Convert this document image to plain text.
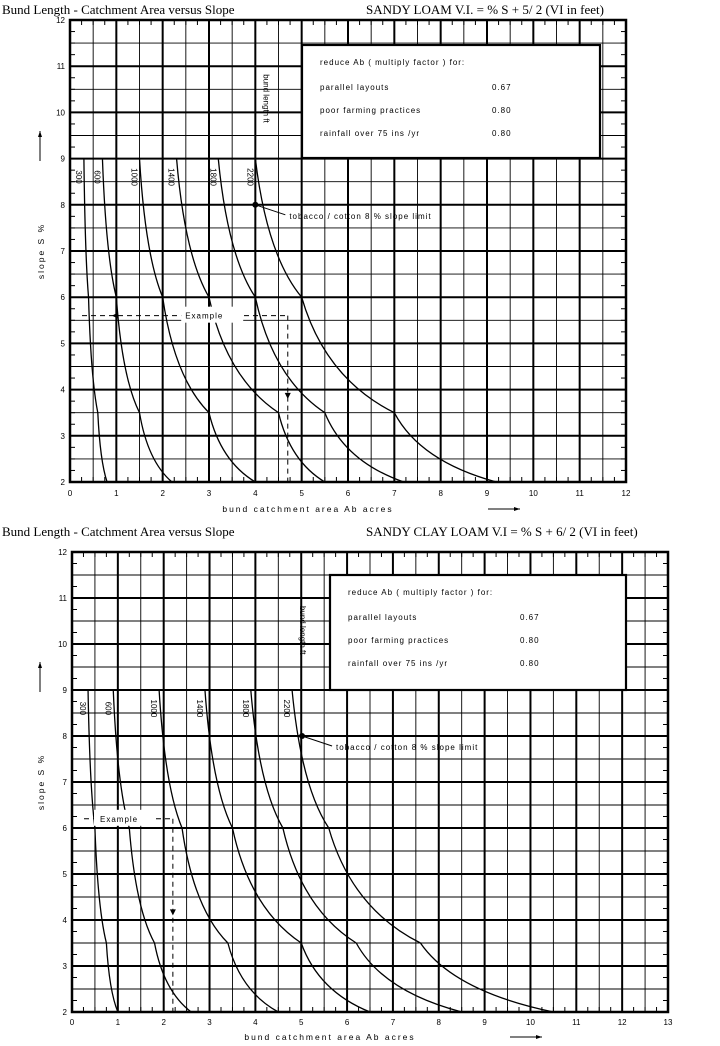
Bund Length - Catchment Area versus Slope	SANDY LOAM V.I. = % S + 5/ 2 (VI in feet)
0	1	2	3	4	5	6	7	8	9	10	11	12
2
3
4
5
6
7
8
9
10
11
12
bund catchment area Ab acres
slope S %
300 600	1000	1400	1800	2200
bund length ft
tobacco / cotton 8 % slope limit
Example
reduce Ab ( multiply factor ) for:
parallel layouts	0.67
poor farming practices	0.80
rainfall over 75 ins /yr	0.80
Bund Length - Catchment Area versus Slope	SANDY CLAY LOAM V.I = % S + 6/ 2 (VI in feet)
0	1	2	3	4	5	6	7	8	9	10	11	12	13
2
3
4
5
6
7
8
9
10
11
12
bund catchment area Ab acres
slope S %
300 600	1000	1400	1800	2200
bund length ft
tobacco / cotton 8 % slope limit
Example
reduce Ab ( multiply factor ) for:
parallel layouts	0.67
poor farming practices	0.80
rainfall over 75 ins /yr	0.80
